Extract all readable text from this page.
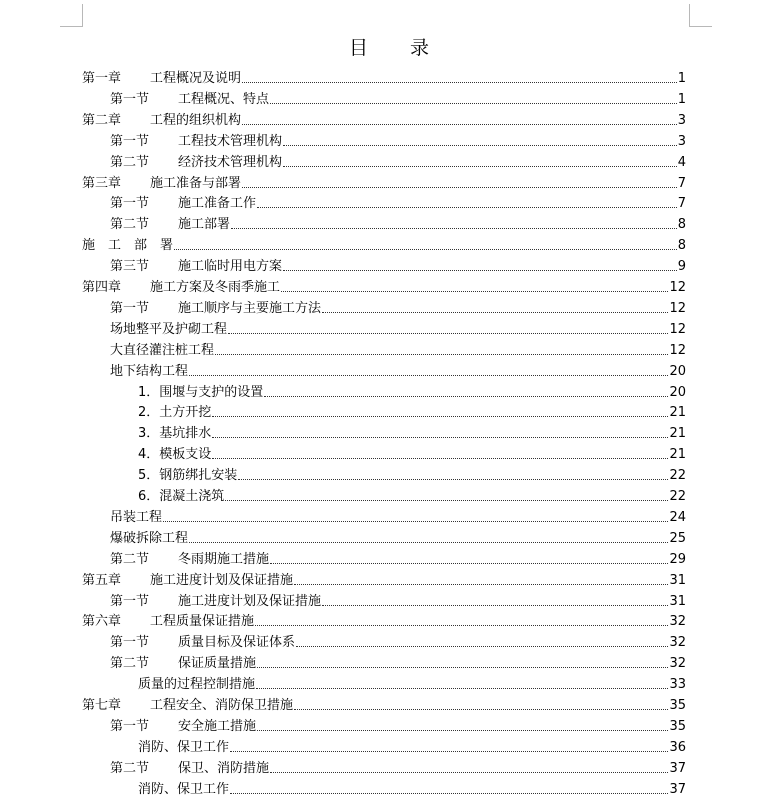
目 录
第一章 工程概况及说明	1
第一节 工程概况、特点	1
第二章 工程的组织机构	3
第一节 工程技术管理机构	3
第二节 经济技术管理机构	4
第三章 施工准备与部署	7
第一节 施工准备工作	7
第二节 施工部署	8
施　工　部　署	8
第三节 施工临时用电方案	9
第四章 施工方案及冬雨季施工	12
第一节 施工顺序与主要施工方法	12
场地整平及护砌工程	12
大直径灌注桩工程	12
地下结构工程	20
1．围堰与支护的设置	20
2．土方开挖	21
3．基坑排水	21
4．模板支设	21
5．钢筋绑扎安装	22
6．混凝土浇筑	22
吊装工程	24
爆破拆除工程	25
第二节 冬雨期施工措施	29
第五章 施工进度计划及保证措施	31
第一节 施工进度计划及保证措施	31
第六章 工程质量保证措施	32
第一节 质量目标及保证体系	32
第二节 保证质量措施	32
质量的过程控制措施	33
第七章 工程安全、消防保卫措施	35
第一节 安全施工措施	35
消防、保卫工作	36
第二节 保卫、消防措施	37
消防、保卫工作	37
